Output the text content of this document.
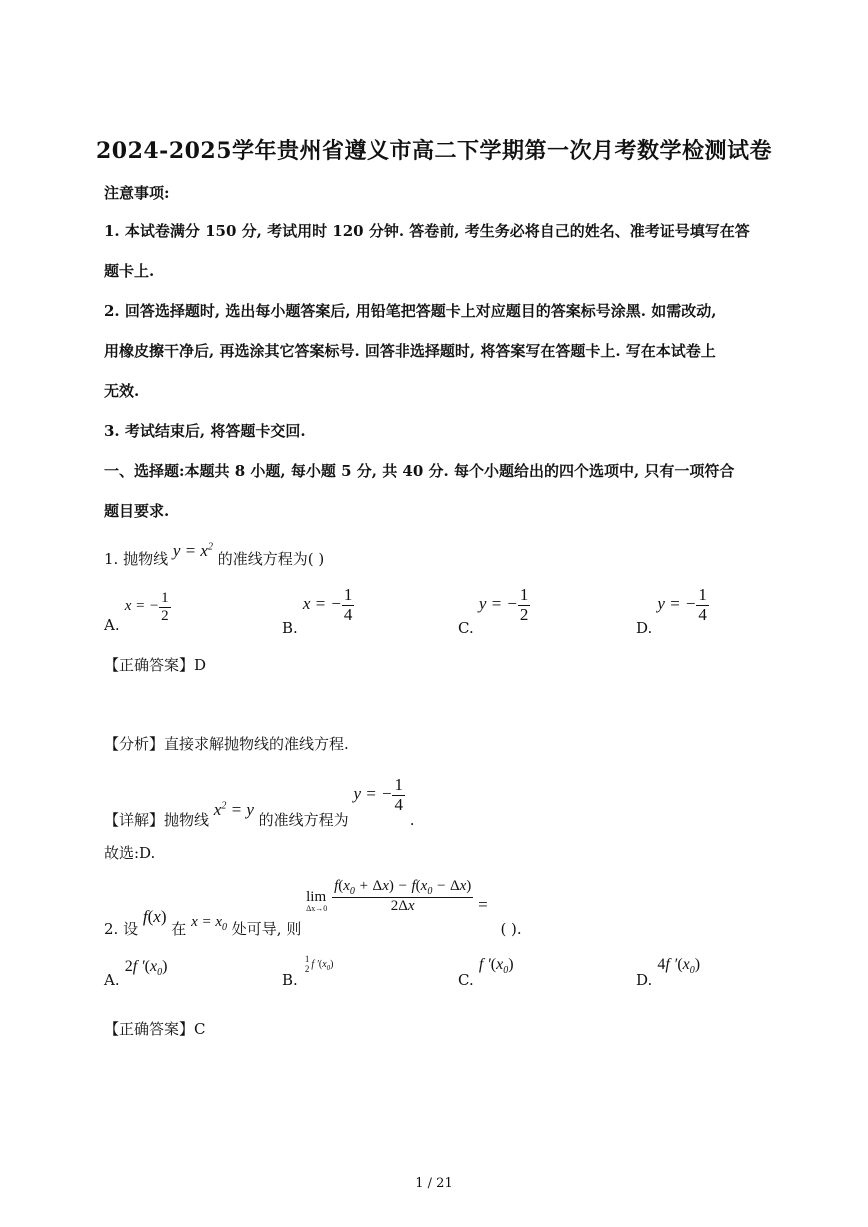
2024-2025学年贵州省遵义市高二下学期第一次月考数学检测试卷
注意事项:
1. 本试卷满分 150 分, 考试用时 120 分钟. 答卷前, 考生务必将自己的姓名、准考证号填写在答
题卡上.
2. 回答选择题时, 选出每小题答案后, 用铅笔把答题卡上对应题目的答案标号涂黑. 如需改动,
用橡皮擦干净后, 再选涂其它答案标号. 回答非选择题时, 将答案写在答题卡上. 写在本试卷上
无效.
3. 考试结束后, 将答题卡交回.
一、选择题:本题共 8 小题, 每小题 5 分, 共 40 分. 每个小题给出的四个选项中, 只有一项符合
题目要求.
1. 抛物线 $y = x^2$ 的准线方程为( )
A. x = − $\frac{1}{2}$
B. x = − $\frac{1}{4}$
C. y = − $\frac{1}{2}$
D. y = − $\frac{1}{4}$
【正确答案】D
【分析】直接求解抛物线的准线方程.
【详解】抛物线 $x^2 = y$ 的准线方程为 y = − $\frac{1}{4}$
.
故选:D.
2. 设 f(x) 在 $x = x_0$ 处可导, 则
lim
Δx→0
$\frac{f(x_0 + \Delta x) - f(x_0 - \Delta x)}{2\Delta x}$ = ( ).
A. 2f $'(x_0)$
B.
1
2 f $'(x_0)$
C. f $'(x_0)$
D. 4f $'(x_0)$
【正确答案】C
1 / 21
